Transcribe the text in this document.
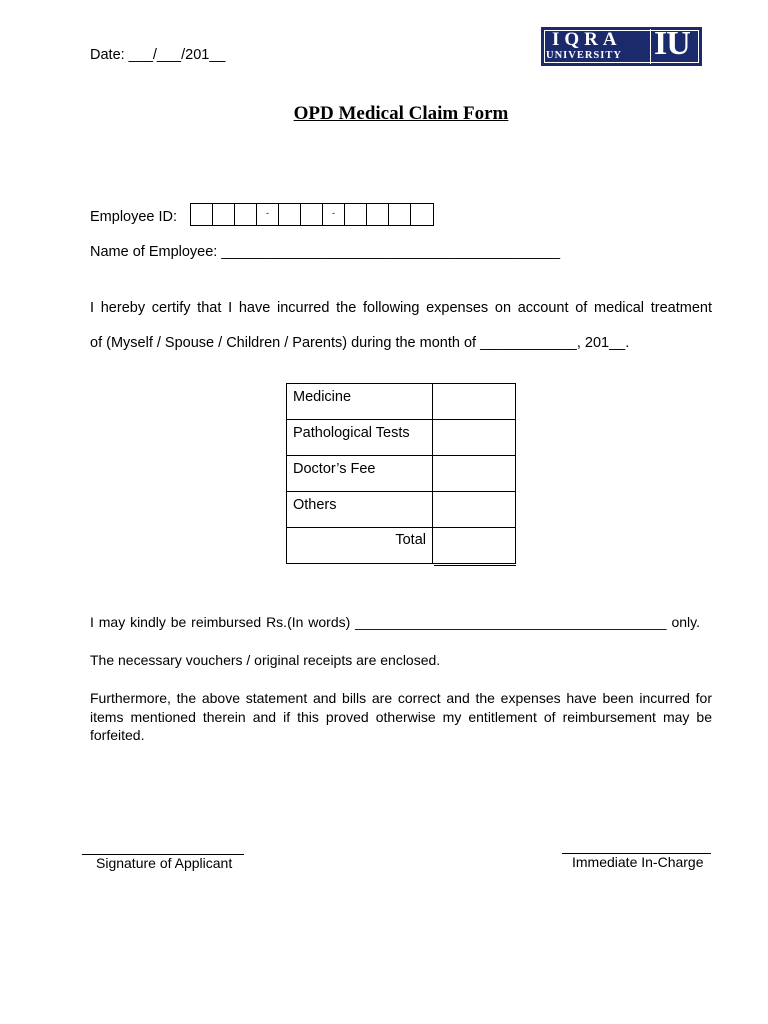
Date: ___/___/201__
IQRA
UNIVERSITY IU
OPD Medical Claim Form
Employee ID:	-	-
Name of Employee: __________________________________________
I hereby certify that I have incurred the following expenses on account of medical treatment
of (Myself / Spouse / Children / Parents) during the month of ____________, 201__.
Medicine	
Pathological Tests	
Doctor’s Fee	
Others	
Total	
I may kindly be reimbursed Rs.(In words) ________________________________________ only.
The necessary vouchers / original receipts are enclosed.
Furthermore, the above statement and bills are correct and the expenses have been incurred for items mentioned therein and if this proved otherwise my entitlement of reimbursement may be forfeited.
Signature of Applicant	Immediate In-Charge
